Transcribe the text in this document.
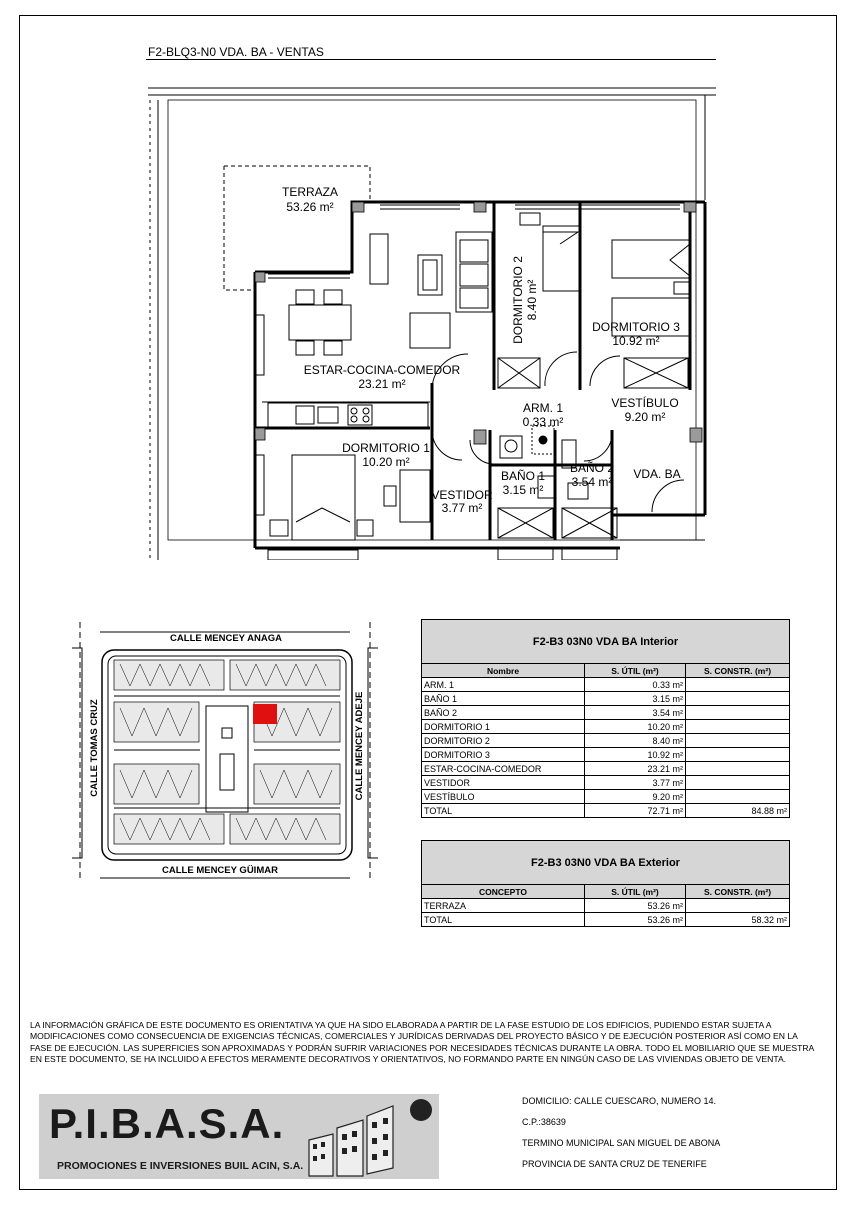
F2-BLQ3-N0 VDA. BA - VENTAS
TERRAZA
53.26 m²
DORMITORIO 2 8.40 m²
DORMITORIO 3
10.92 m²
ESTAR-COCINA-COMEDOR
23.21 m²
ARM. 1
0.33 m²
VESTÍBULO
9.20 m²
DORMITORIO 1
10.20 m²
BAÑO 1
3.15 m²
BAÑO 2
3.54 m²
VESTIDOR
3.77 m²
VDA. BA
CALLE MENCEY ANAGA
CALLE MENCEY GÜIMAR
CALLE TOMAS CRUZ	CALLE MENCEY ADEJE
F2-B3 03N0 VDA BA Interior		
Nombre	S. ÚTIL (m²)	S. CONSTR. (m²)
ARM. 1	0.33 m²	
BAÑO 1	3.15 m²	
BAÑO 2	3.54 m²	
DORMITORIO 1	10.20 m²	
DORMITORIO 2	8.40 m²	
DORMITORIO 3	10.92 m²	
ESTAR-COCINA-COMEDOR	23.21 m²	
VESTIDOR	3.77 m²	
VESTÍBULO	9.20 m²	
TOTAL	72.71 m²	84.88 m²
F2-B3 03N0 VDA BA Exterior		
CONCEPTO	S. ÚTIL (m²)	S. CONSTR. (m²)
TERRAZA	53.26 m²	
TOTAL	53.26 m²	58.32 m²
LA INFORMACIÓN GRÁFICA DE ESTE DOCUMENTO ES ORIENTATIVA YA QUE HA SIDO ELABORADA A PARTIR DE LA FASE ESTUDIO DE LOS EDIFICIOS, PUDIENDO ESTAR SUJETA A MODIFICACIONES COMO CONSECUENCIA DE EXIGENCIAS TÉCNICAS, COMERCIALES Y JURÍDICAS DERIVADAS DEL PROYECTO BÁSICO Y DE EJECUCIÓN POSTERIOR ASÍ COMO EN LA FASE DE EJECUCIÓN. LAS SUPERFICIES SON APROXIMADAS Y PODRÁN SUFRIR VARIACIONES POR NECESIDADES TÉCNICAS DURANTE LA OBRA. TODO EL MOBILIARIO QUE SE MUESTRA EN ESTE DOCUMENTO, SE HA INCLUIDO A EFECTOS MERAMENTE DECORATIVOS Y ORIENTATIVOS, NO FORMANDO PARTE EN NINGÚN CASO DE LAS VIVIENDAS OBJETO DE VENTA.
P.I.B.A.S.A.
PROMOCIONES E INVERSIONES BUIL ACIN, S.A.
DOMICILIO: CALLE CUESCARO, NUMERO 14.
C.P.:38639
TERMINO MUNICIPAL SAN MIGUEL DE ABONA
PROVINCIA DE SANTA CRUZ DE TENERIFE
